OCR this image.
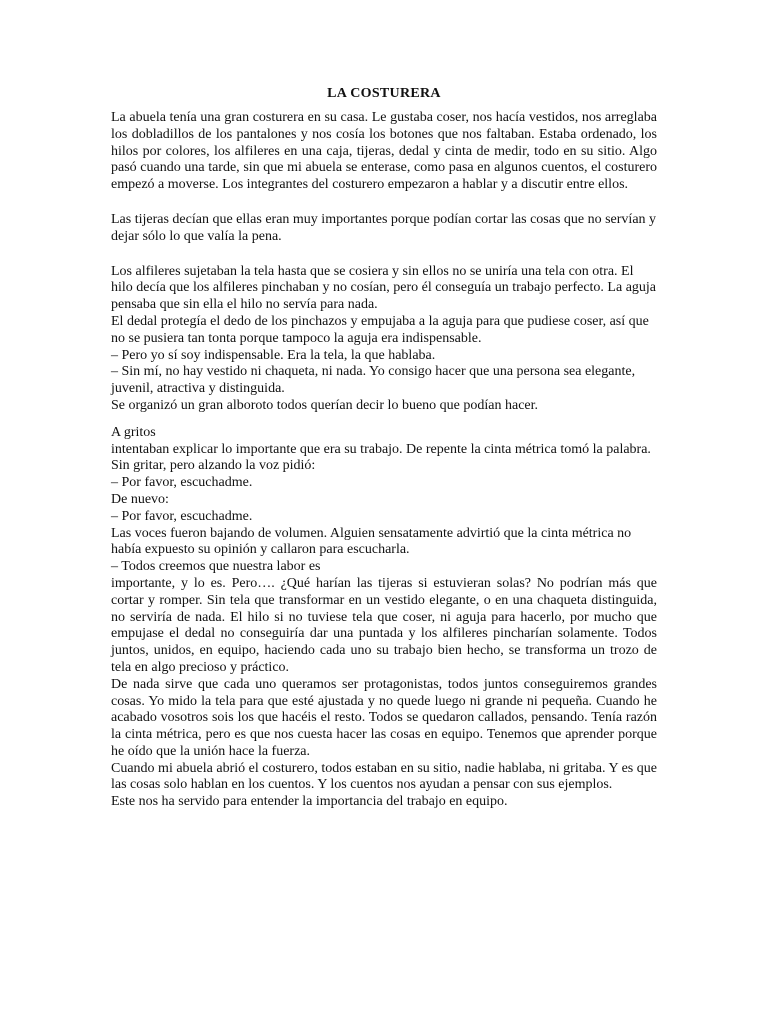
LA COSTURERA

La abuela tenía una gran costurera en su casa. Le gustaba coser, nos hacía vestidos, nos arreglaba los dobladillos de los pantalones y nos cosía los botones que nos faltaban. Estaba ordenado, los hilos por colores, los alfileres en una caja, tijeras, dedal y cinta de medir, todo en su sitio. Algo pasó cuando una tarde, sin que mi abuela se enterase, como pasa en algunos cuentos, el costurero empezó a moverse. Los integrantes del costurero empezaron a hablar y a discutir entre ellos.

Las tijeras decían que ellas eran muy importantes porque podían cortar las cosas que no servían y dejar sólo lo que valía la pena.

Los alfileres sujetaban la tela hasta que se cosiera y sin ellos no se uniría una tela con otra. El hilo decía que los alfileres pinchaban y no cosían, pero él conseguía un trabajo perfecto. La aguja pensaba que sin ella el hilo no servía para nada.

El dedal protegía el dedo de los pinchazos y empujaba a la aguja para que pudiese coser, así que no se pusiera tan tonta porque tampoco la aguja era indispensable.

– Pero yo sí soy indispensable. Era la tela, la que hablaba.

– Sin mí, no hay vestido ni chaqueta, ni nada. Yo consigo hacer que una persona sea elegante, juvenil, atractiva y distinguida.

Se organizó un gran alboroto todos querían decir lo bueno que podían hacer.

A gritos

intentaban explicar lo importante que era su trabajo. De repente la cinta métrica tomó la palabra.

Sin gritar, pero alzando la voz pidió:

– Por favor, escuchadme.

De nuevo:

– Por favor, escuchadme.

Las voces fueron bajando de volumen. Alguien sensatamente advirtió que la cinta métrica no había expuesto su opinión y callaron para escucharla.

– Todos creemos que nuestra labor es

importante, y lo es. Pero…. ¿Qué harían las tijeras si estuvieran solas? No podrían más que cortar y romper. Sin tela que transformar en un vestido elegante, o en una chaqueta distinguida, no serviría de nada. El hilo si no tuviese tela que coser, ni aguja para hacerlo, por mucho que empujase el dedal no conseguiría dar una puntada y los alfileres pincharían solamente. Todos juntos, unidos, en equipo, haciendo cada uno su trabajo bien hecho, se transforma un trozo de tela en algo precioso y práctico.

De nada sirve que cada uno queramos ser protagonistas, todos juntos conseguiremos grandes cosas. Yo mido la tela para que esté ajustada y no quede luego ni grande ni pequeña. Cuando he acabado vosotros sois los que hacéis el resto. Todos se quedaron callados, pensando. Tenía razón la cinta métrica, pero es que nos cuesta hacer las cosas en equipo. Tenemos que aprender porque he oído que la unión hace la fuerza.

Cuando mi abuela abrió el costurero, todos estaban en su sitio, nadie hablaba, ni gritaba. Y es que las cosas solo hablan en los cuentos. Y los cuentos nos ayudan a pensar con sus ejemplos.

Este nos ha servido para entender la importancia del trabajo en equipo.
